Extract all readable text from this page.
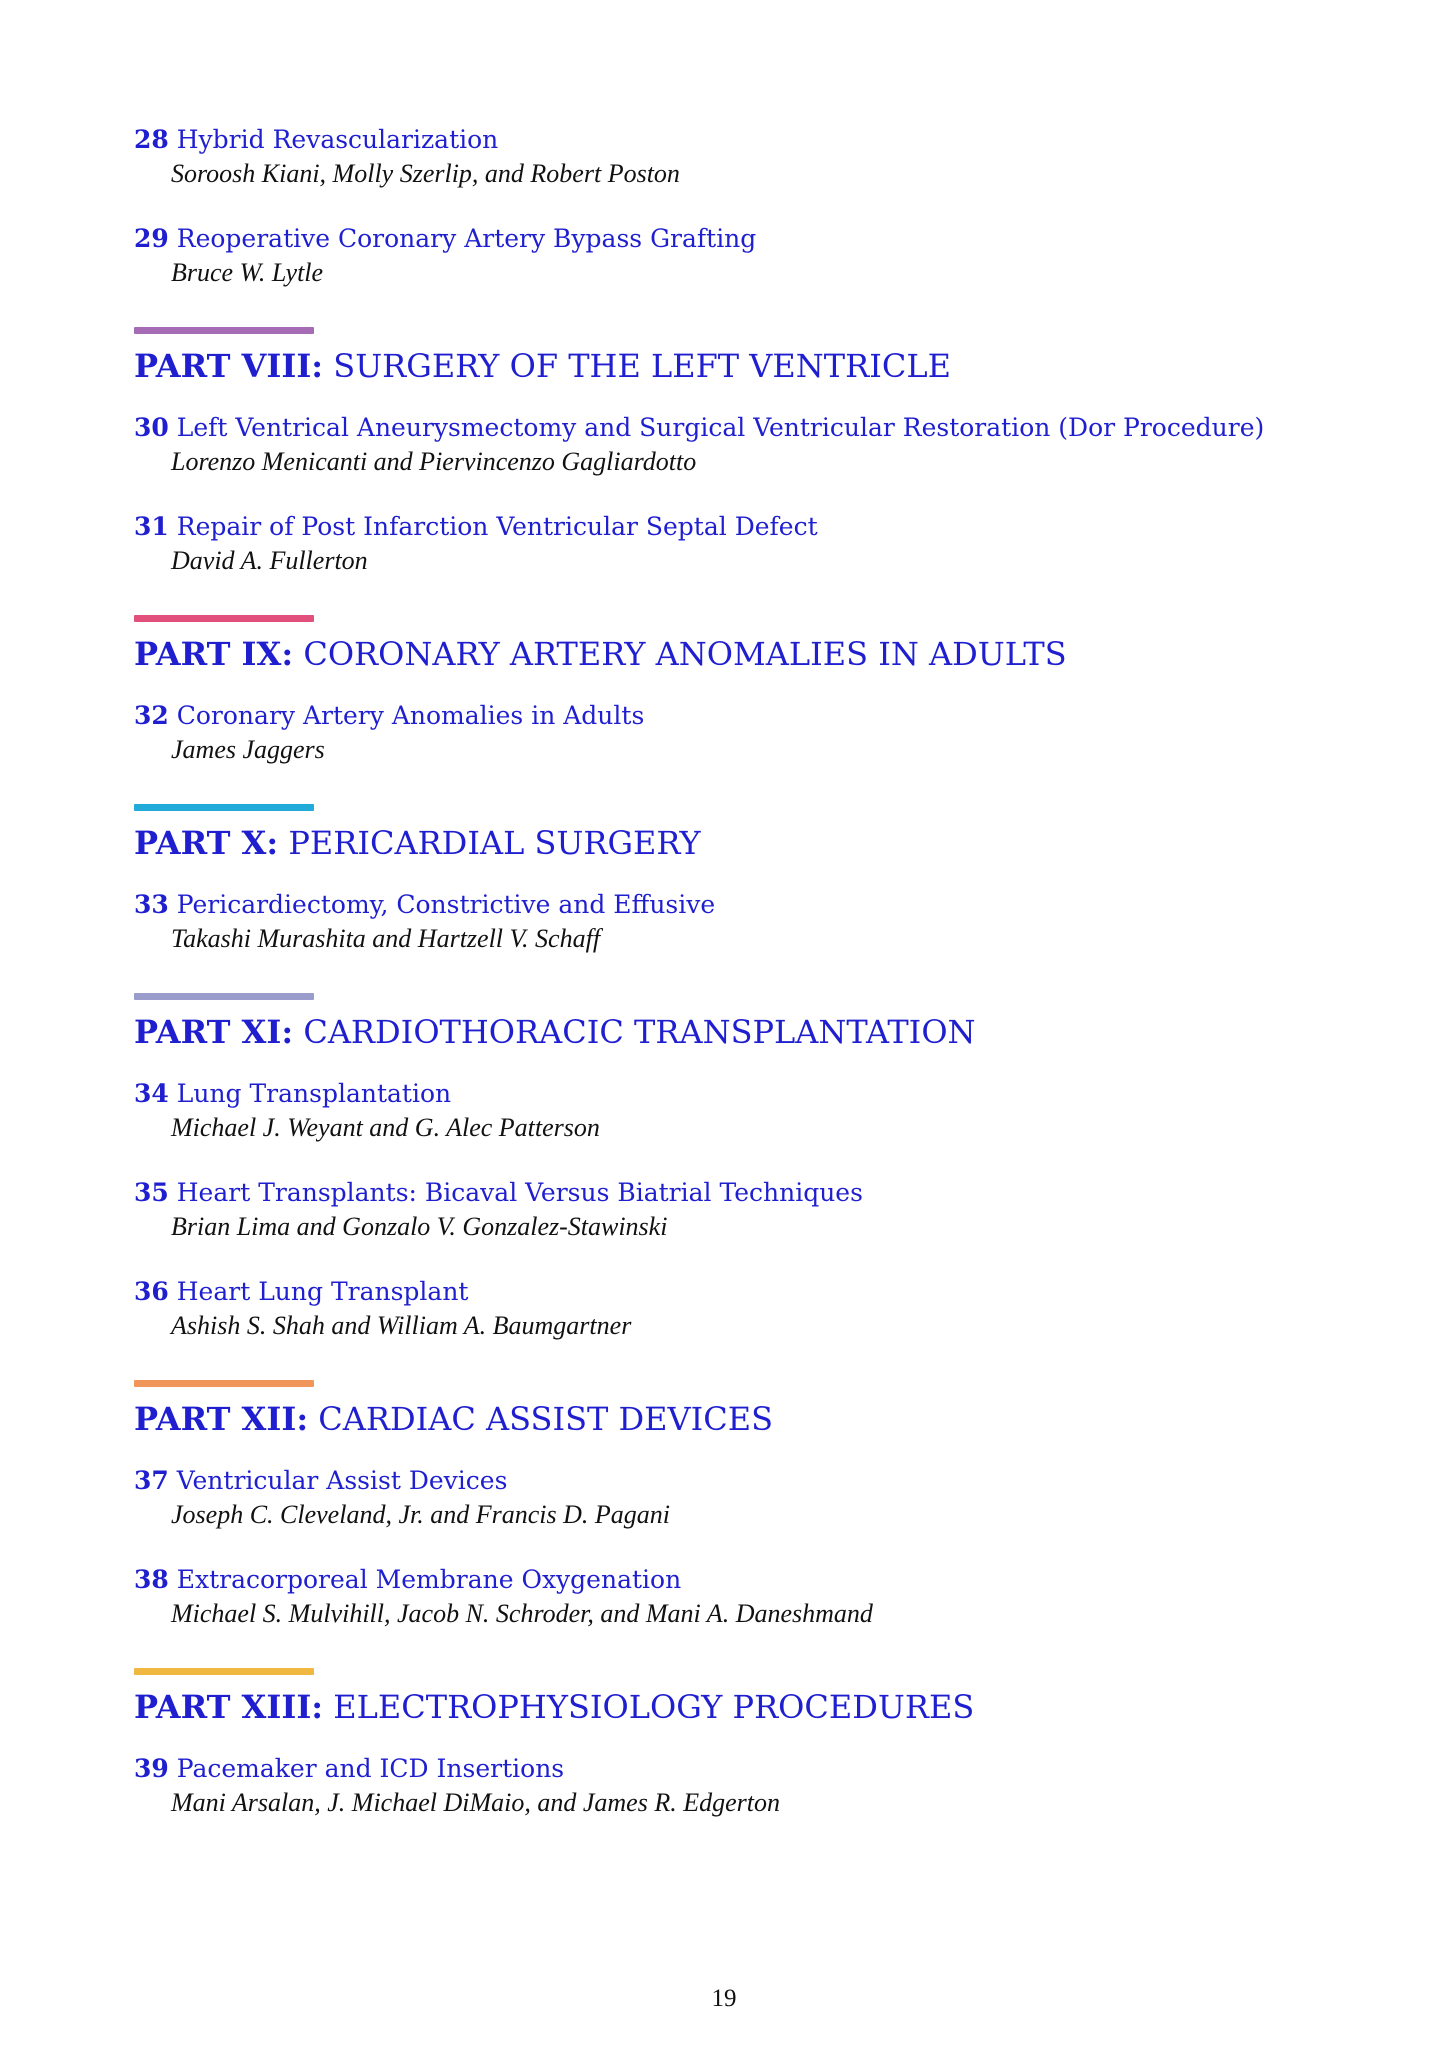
28 Hybrid Revascularization
Soroosh Kiani, Molly Szerlip, and Robert Poston
29 Reoperative Coronary Artery Bypass Grafting
Bruce W. Lytle
PART VIII: SURGERY OF THE LEFT VENTRICLE
30 Left Ventrical Aneurysmectomy and Surgical Ventricular Restoration (Dor Procedure)
Lorenzo Menicanti and Piervincenzo Gagliardotto
31 Repair of Post Infarction Ventricular Septal Defect
David A. Fullerton
PART IX: CORONARY ARTERY ANOMALIES IN ADULTS
32 Coronary Artery Anomalies in Adults
James Jaggers
PART X: PERICARDIAL SURGERY
33 Pericardiectomy, Constrictive and Effusive
Takashi Murashita and Hartzell V. Schaff
PART XI: CARDIOTHORACIC TRANSPLANTATION
34 Lung Transplantation
Michael J. Weyant and G. Alec Patterson
35 Heart Transplants: Bicaval Versus Biatrial Techniques
Brian Lima and Gonzalo V. Gonzalez-Stawinski
36 Heart Lung Transplant
Ashish S. Shah and William A. Baumgartner
PART XII: CARDIAC ASSIST DEVICES
37 Ventricular Assist Devices
Joseph C. Cleveland, Jr. and Francis D. Pagani
38 Extracorporeal Membrane Oxygenation
Michael S. Mulvihill, Jacob N. Schroder, and Mani A. Daneshmand
PART XIII: ELECTROPHYSIOLOGY PROCEDURES
39 Pacemaker and ICD Insertions
Mani Arsalan, J. Michael DiMaio, and James R. Edgerton
19
